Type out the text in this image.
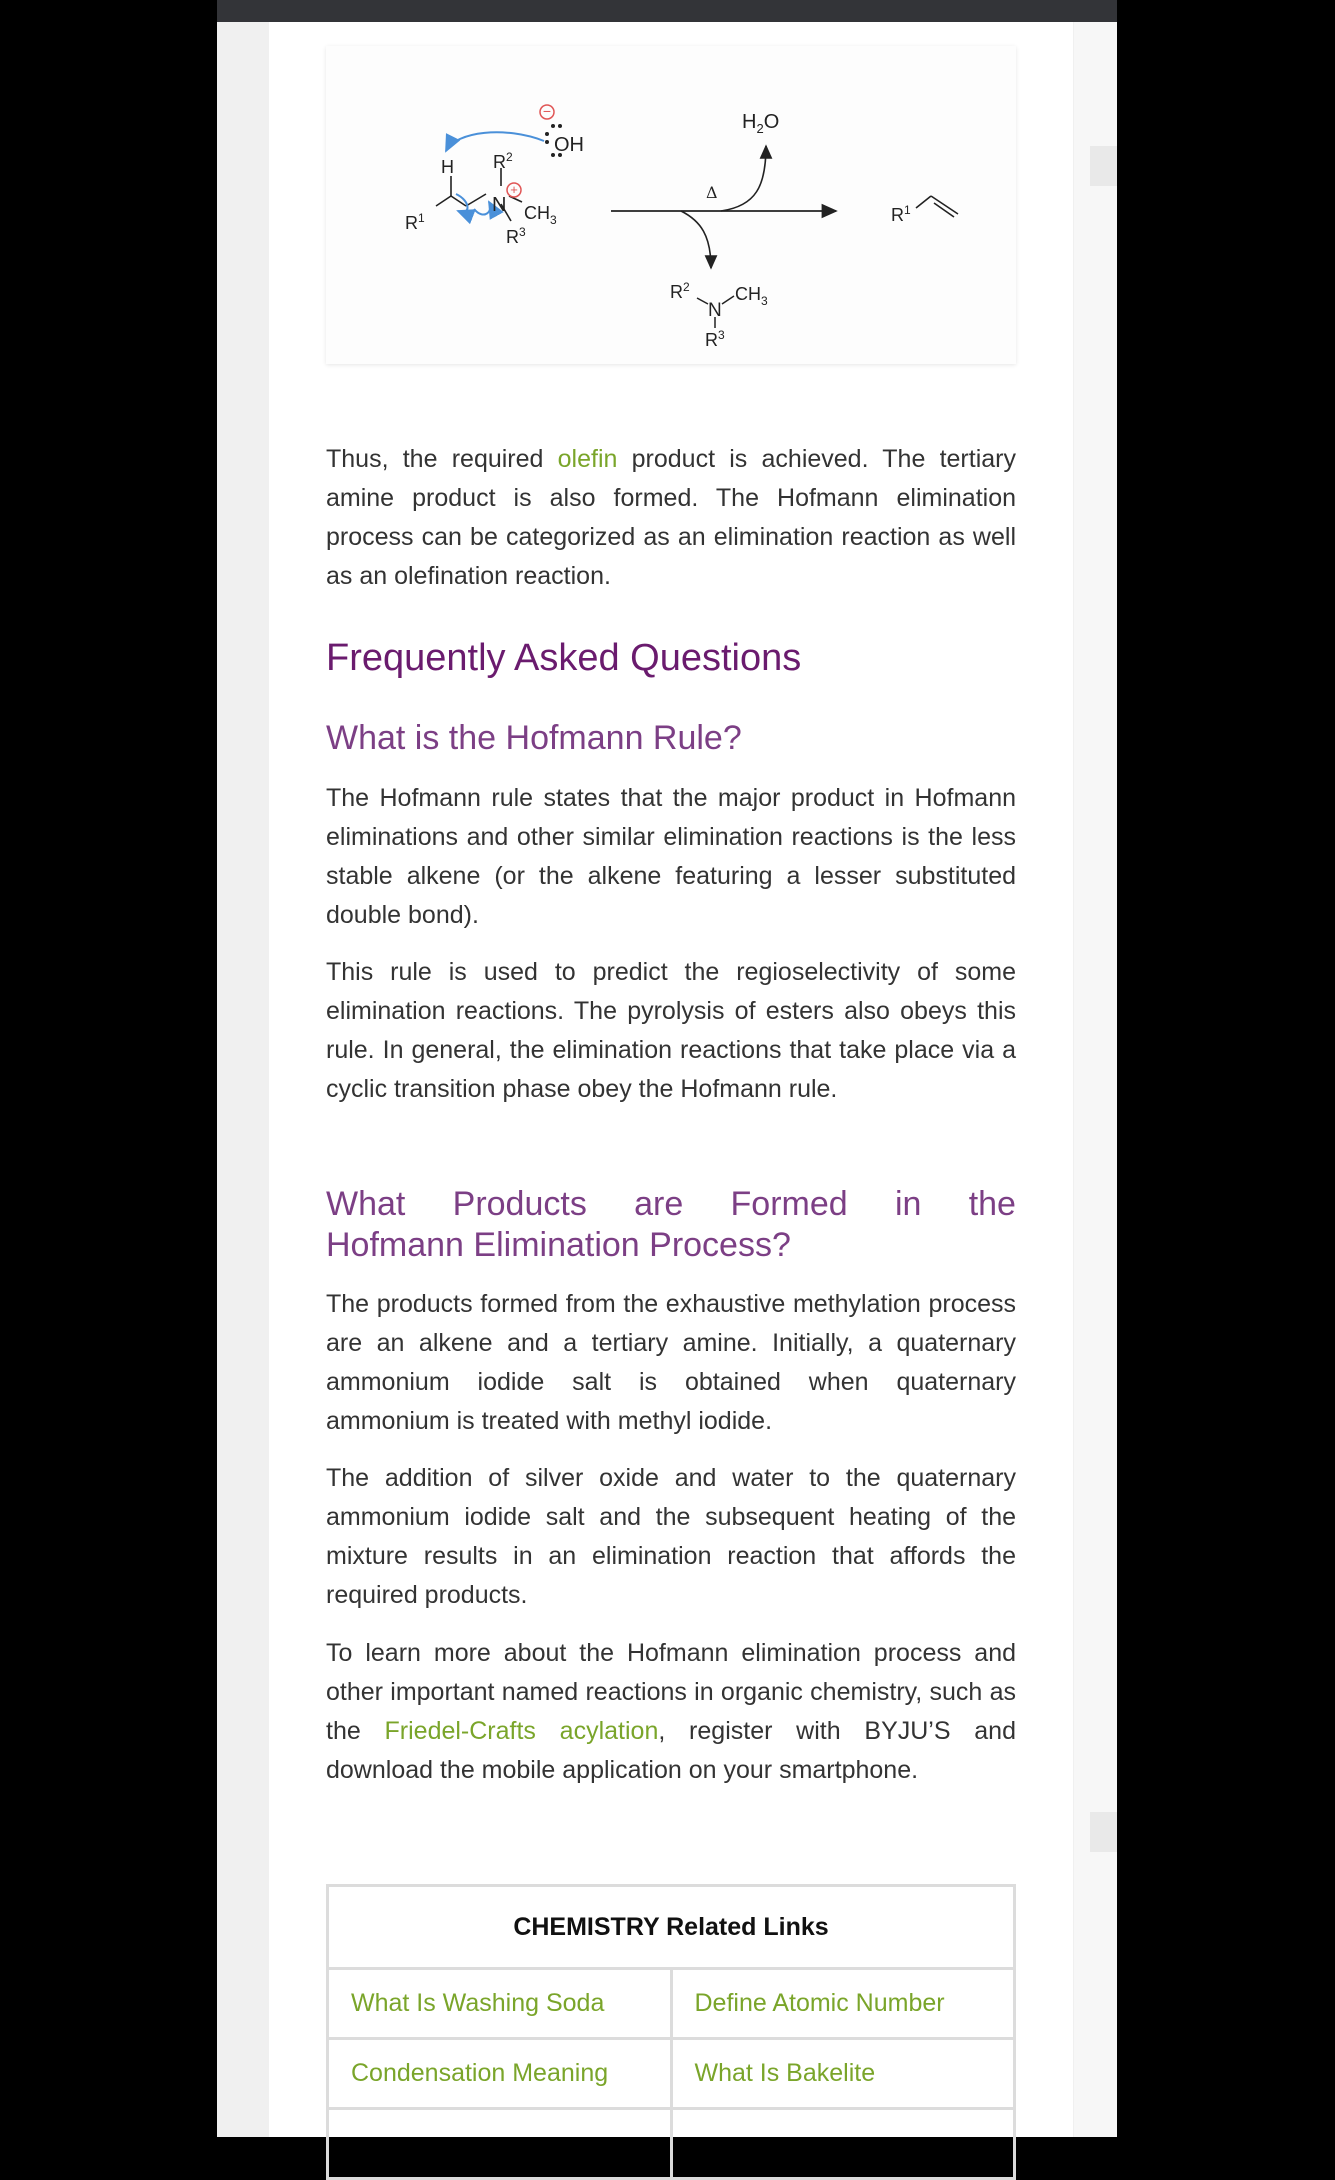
−
OH
H $R^2$
+
N $CH_3$
$R^1$
$R^3$
Δ
$H_2O$
$R^2$
N
$CH_3$
$R^3$
$R^1$

Thus, the required olefin product is achieved. The tertiary amine product is also formed. The Hofmann elimination process can be categorized as an elimination reaction as well as an olefination reaction.

Frequently Asked Questions
What is the Hofmann Rule?

The Hofmann rule states that the major product in Hofmann eliminations and other similar elimination reactions is the less stable alkene (or the alkene featuring a lesser substituted double bond).

This rule is used to predict the regioselectivity of some elimination reactions. The pyrolysis of esters also obeys this rule. In general, the elimination reactions that take place via a cyclic transition phase obey the Hofmann rule.

What Products are Formed in the
Hofmann Elimination Process?

The products formed from the exhaustive methylation process are an alkene and a tertiary amine. Initially, a quaternary ammonium iodide salt is obtained when quaternary ammonium is treated with methyl iodide.

The addition of silver oxide and water to the quaternary ammonium iodide salt and the subsequent heating of the mixture results in an elimination reaction that affords the required products.

To learn more about the Hofmann elimination process and other important named reactions in organic chemistry, such as the Friedel-Crafts acylation, register with BYJU’S and download the mobile application on your smartphone.

CHEMISTRY Related Links	
What Is Washing Soda	Define Atomic Number
Condensation Meaning	What Is Bakelite
